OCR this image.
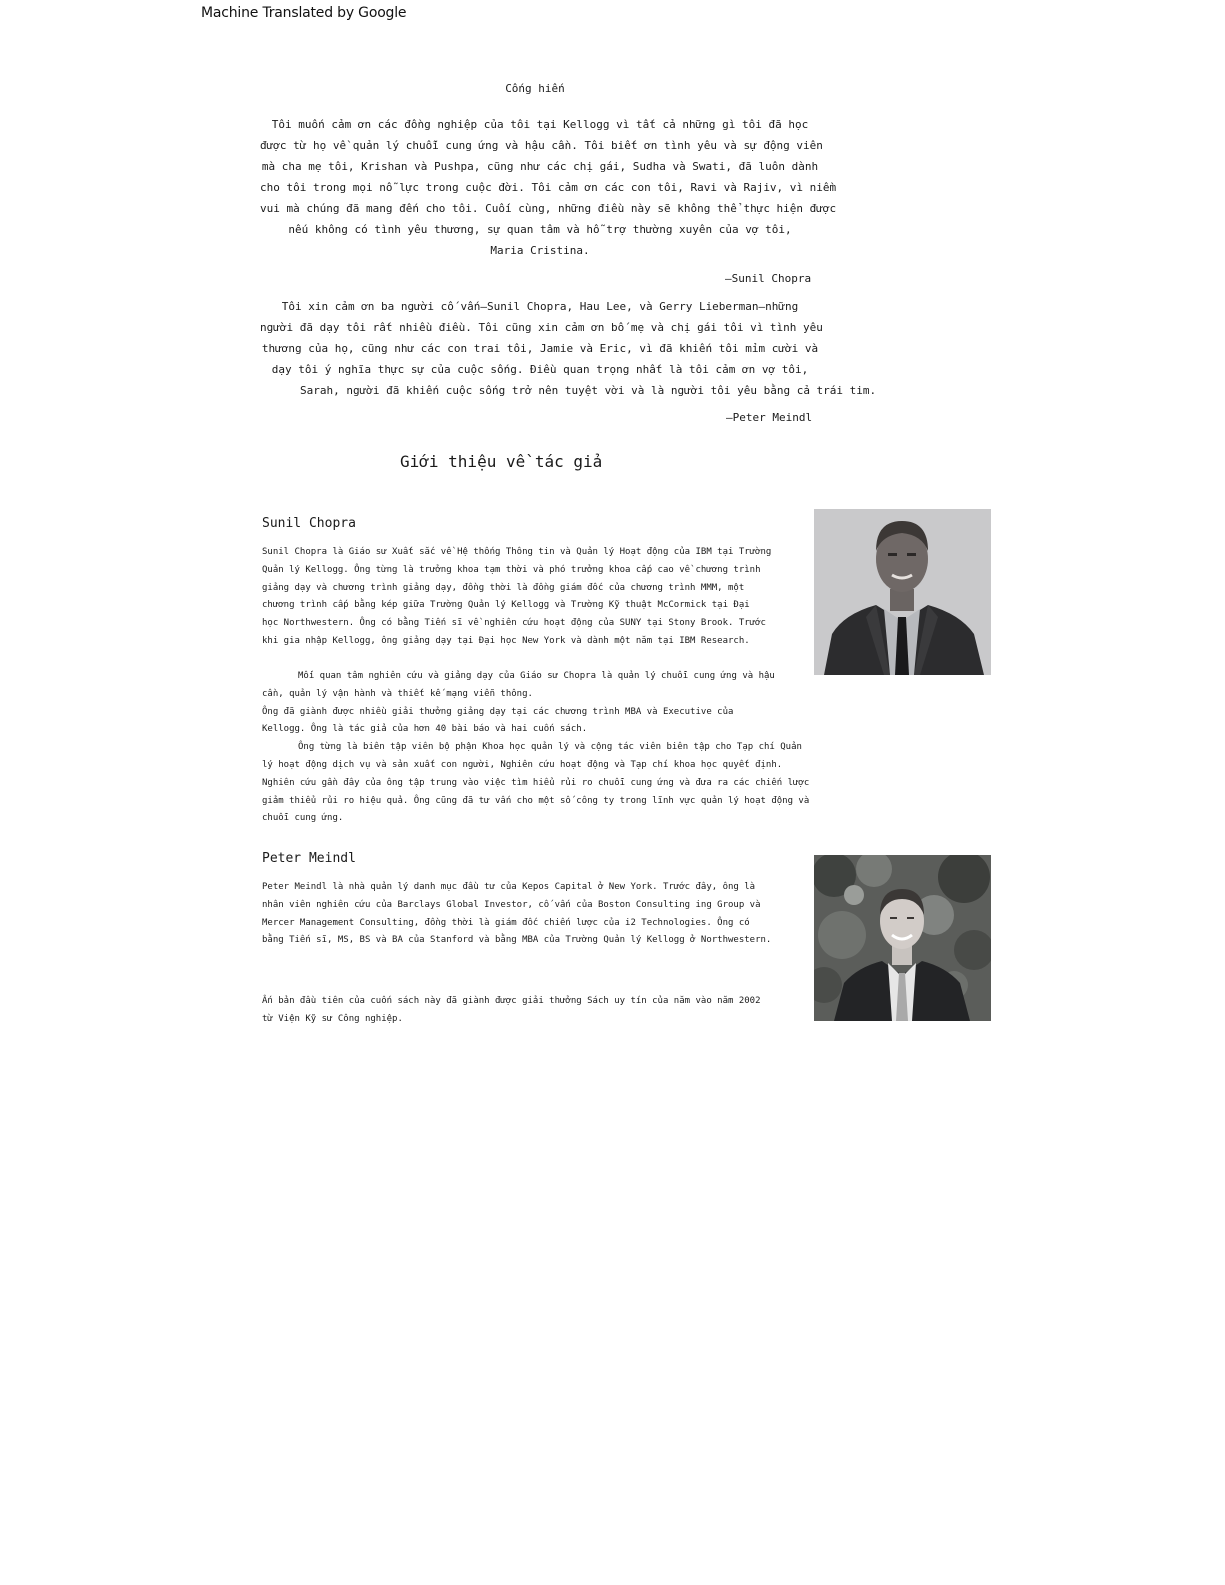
Machine Translated by Google
Cống hiến
Tôi muốn cảm ơn các đồng nghiệp của tôi tại Kellogg vì tất cả những gì tôi đã học
được từ họ về quản lý chuỗi cung ứng và hậu cần. Tôi biết ơn tình yêu và sự động viên
mà cha mẹ tôi, Krishan và Pushpa, cũng như các chị gái, Sudha và Swati, đã luôn dành
cho tôi trong mọi nỗ lực trong cuộc đời. Tôi cảm ơn các con tôi, Ravi và Rajiv, vì niềm
vui mà chúng đã mang đến cho tôi. Cuối cùng, những điều này sẽ không thể thực hiện được
nếu không có tình yêu thương, sự quan tâm và hỗ trợ thường xuyên của vợ tôi,
Maria Cristina.
—Sunil Chopra
Tôi xin cảm ơn ba người cố vấn—Sunil Chopra, Hau Lee, và Gerry Lieberman—những
người đã dạy tôi rất nhiều điều. Tôi cũng xin cảm ơn bố mẹ và chị gái tôi vì tình yêu
thương của họ, cũng như các con trai tôi, Jamie và Eric, vì đã khiến tôi mỉm cười và
dạy tôi ý nghĩa thực sự của cuộc sống. Điều quan trọng nhất là tôi cảm ơn vợ tôi,
Sarah, người đã khiến cuộc sống trở nên tuyệt vời và là người tôi yêu bằng cả trái tim.
—Peter Meindl
Giới thiệu về tác giả
Sunil Chopra
Sunil Chopra là Giáo sư Xuất sắc về Hệ thống Thông tin và Quản lý Hoạt động của IBM tại Trường
Quản lý Kellogg. Ông từng là trưởng khoa tạm thời và phó trưởng khoa cấp cao về chương trình
giảng dạy và chương trình giảng dạy, đồng thời là đồng giám đốc của chương trình MMM, một
chương trình cấp bằng kép giữa Trường Quản lý Kellogg và Trường Kỹ thuật McCormick tại Đại
học Northwestern. Ông có bằng Tiến sĩ về nghiên cứu hoạt động của SUNY tại Stony Brook. Trước
khi gia nhập Kellogg, ông giảng dạy tại Đại học New York và dành một năm tại IBM Research.
Mối quan tâm nghiên cứu và giảng dạy của Giáo sư Chopra là quản lý chuỗi cung ứng và hậu
cần, quản lý vận hành và thiết kế mạng viễn thông.
Ông đã giành được nhiều giải thưởng giảng dạy tại các chương trình MBA và Executive của
Kellogg. Ông là tác giả của hơn 40 bài báo và hai cuốn sách.
Ông từng là biên tập viên bộ phận Khoa học quản lý và cộng tác viên biên tập cho Tạp chí Quản
lý hoạt động dịch vụ và sản xuất con người, Nghiên cứu hoạt động và Tạp chí khoa học quyết định.
Nghiên cứu gần đây của ông tập trung vào việc tìm hiểu rủi ro chuỗi cung ứng và đưa ra các chiến lược
giảm thiểu rủi ro hiệu quả. Ông cũng đã tư vấn cho một số công ty trong lĩnh vực quản lý hoạt động và
chuỗi cung ứng.
Peter Meindl
Peter Meindl là nhà quản lý danh mục đầu tư của Kepos Capital ở New York. Trước đây, ông là
nhân viên nghiên cứu của Barclays Global Investor, cố vấn của Boston Consulting ing Group và
Mercer Management Consulting, đồng thời là giám đốc chiến lược của i2 Technologies. Ông có
bằng Tiến sĩ, MS, BS và BA của Stanford và bằng MBA của Trường Quản lý Kellogg ở Northwestern.
Ấn bản đầu tiên của cuốn sách này đã giành được giải thưởng Sách uy tín của năm vào năm 2002
từ Viện Kỹ sư Công nghiệp.
